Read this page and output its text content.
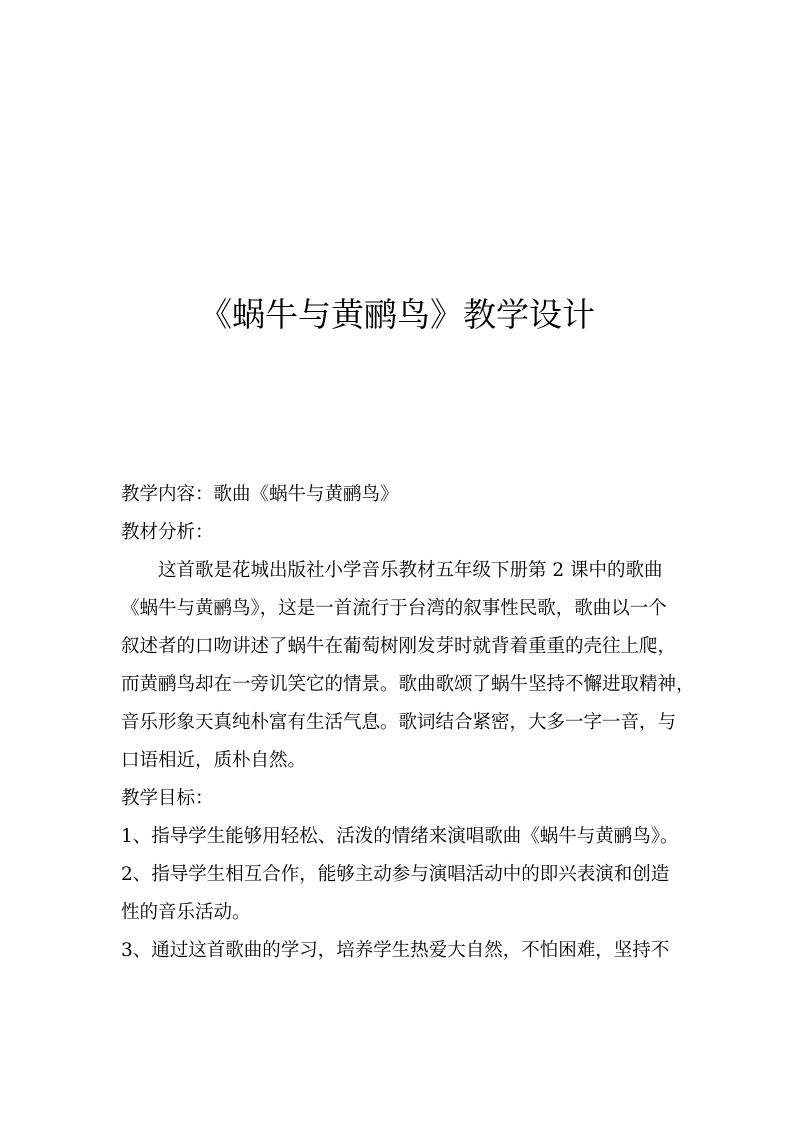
《蜗牛与黄鹂鸟》教学设计
教学内容：歌曲《蜗牛与黄鹂鸟》
教材分析：
这首歌是花城出版社小学音乐教材五年级下册第 2 课中的歌曲
《蜗牛与黄鹂鸟》，这是一首流行于台湾的叙事性民歌，歌曲以一个
叙述者的口吻讲述了蜗牛在葡萄树刚发芽时就背着重重的壳往上爬，
而黄鹂鸟却在一旁讥笑它的情景。歌曲歌颂了蜗牛坚持不懈进取精神，
音乐形象天真纯朴富有生活气息。歌词结合紧密，大多一字一音，与
口语相近，质朴自然。
教学目标：
1、指导学生能够用轻松、活泼的情绪来演唱歌曲《蜗牛与黄鹂鸟》。
2、指导学生相互合作，能够主动参与演唱活动中的即兴表演和创造
性的音乐活动。
3、通过这首歌曲的学习，培养学生热爱大自然，不怕困难，坚持不
